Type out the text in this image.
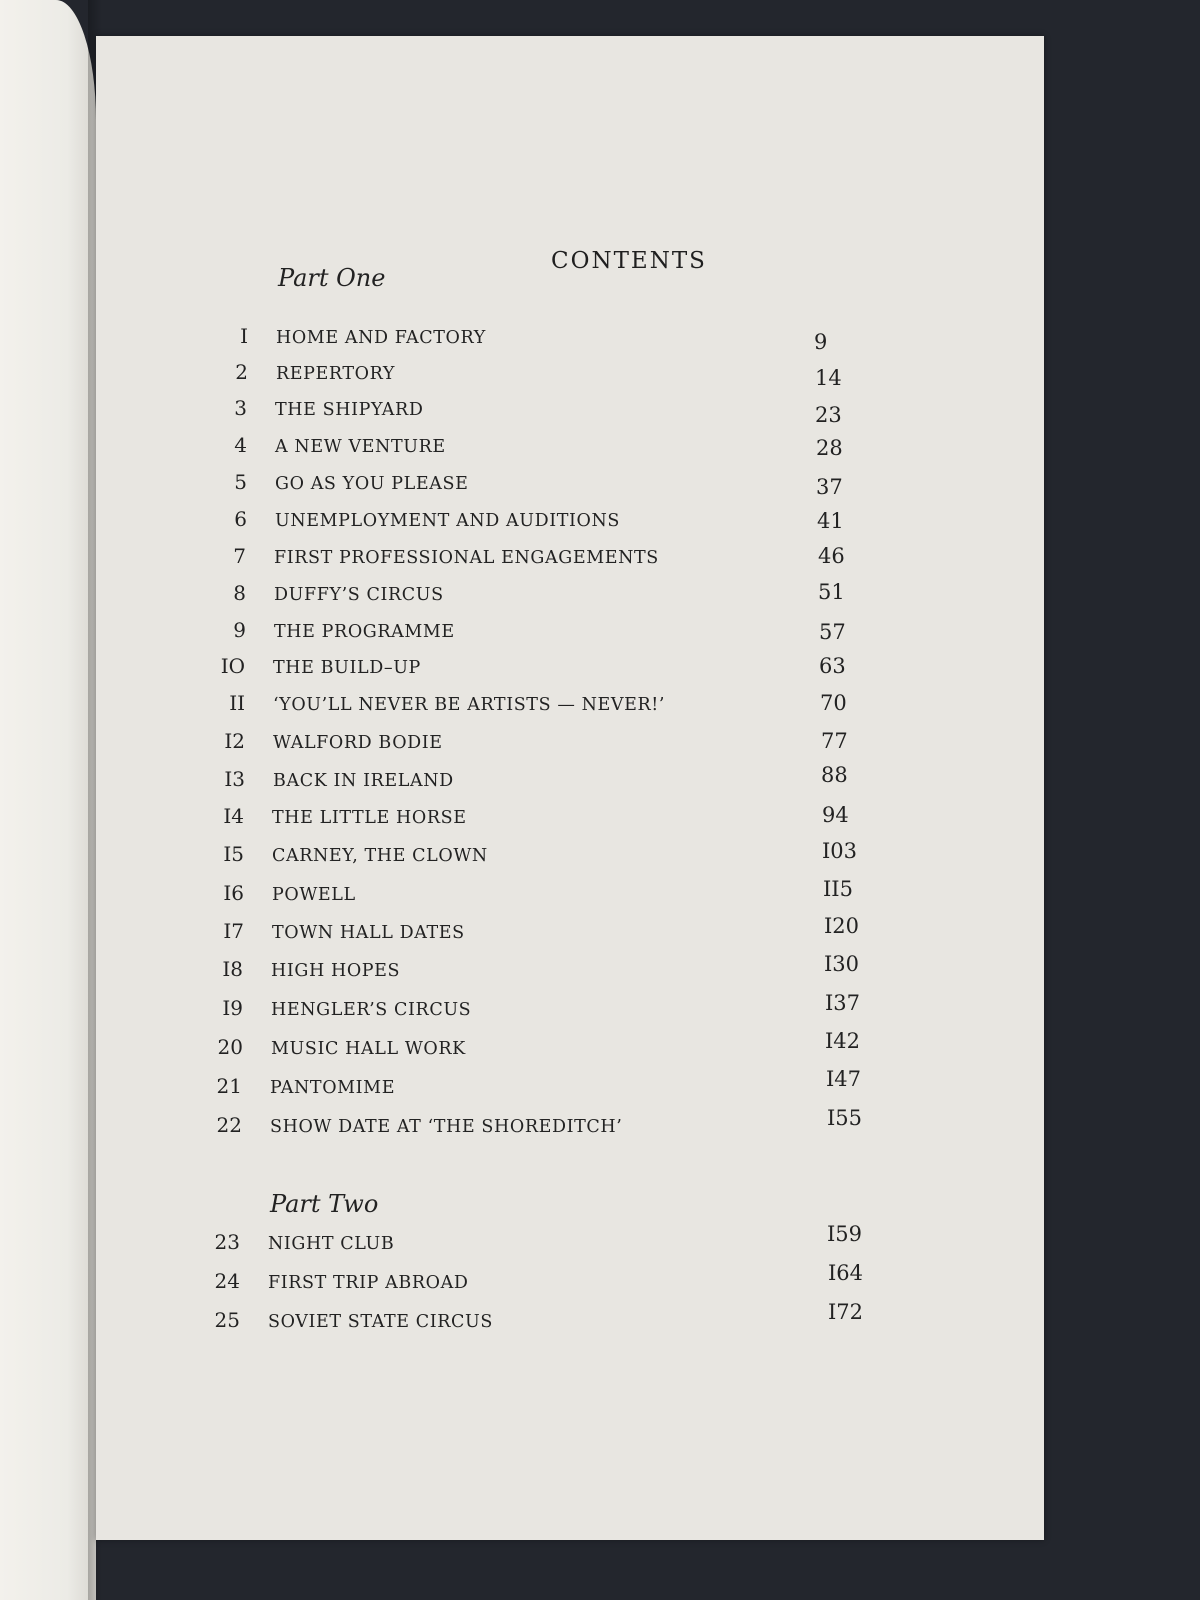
CONTENTS
Part One
Part Two
I HOME AND FACTORY	9
2 REPERTORY	14
3 THE SHIPYARD	23
4 A NEW VENTURE	28
5 GO AS YOU PLEASE	37
6 UNEMPLOYMENT AND AUDITIONS	41
7 FIRST PROFESSIONAL ENGAGEMENTS	46
8 DUFFY’S CIRCUS	51
9 THE PROGRAMME	57
IO THE BUILD–UP	63
II ‘YOU’LL NEVER BE ARTISTS — NEVER!’	70
I2 WALFORD BODIE	77
I3 BACK IN IRELAND	88
I4 THE LITTLE HORSE	94
I5 CARNEY, THE CLOWN	I03
I6 POWELL	II5
I7 TOWN HALL DATES	I20
I8 HIGH HOPES	I30
I9 HENGLER’S CIRCUS	I37
20 MUSIC HALL WORK	I42
21 PANTOMIME	I47
22 SHOW DATE AT ‘THE SHOREDITCH’	I55
23 NIGHT CLUB	I59
24 FIRST TRIP ABROAD	I64
25 SOVIET STATE CIRCUS	I72
